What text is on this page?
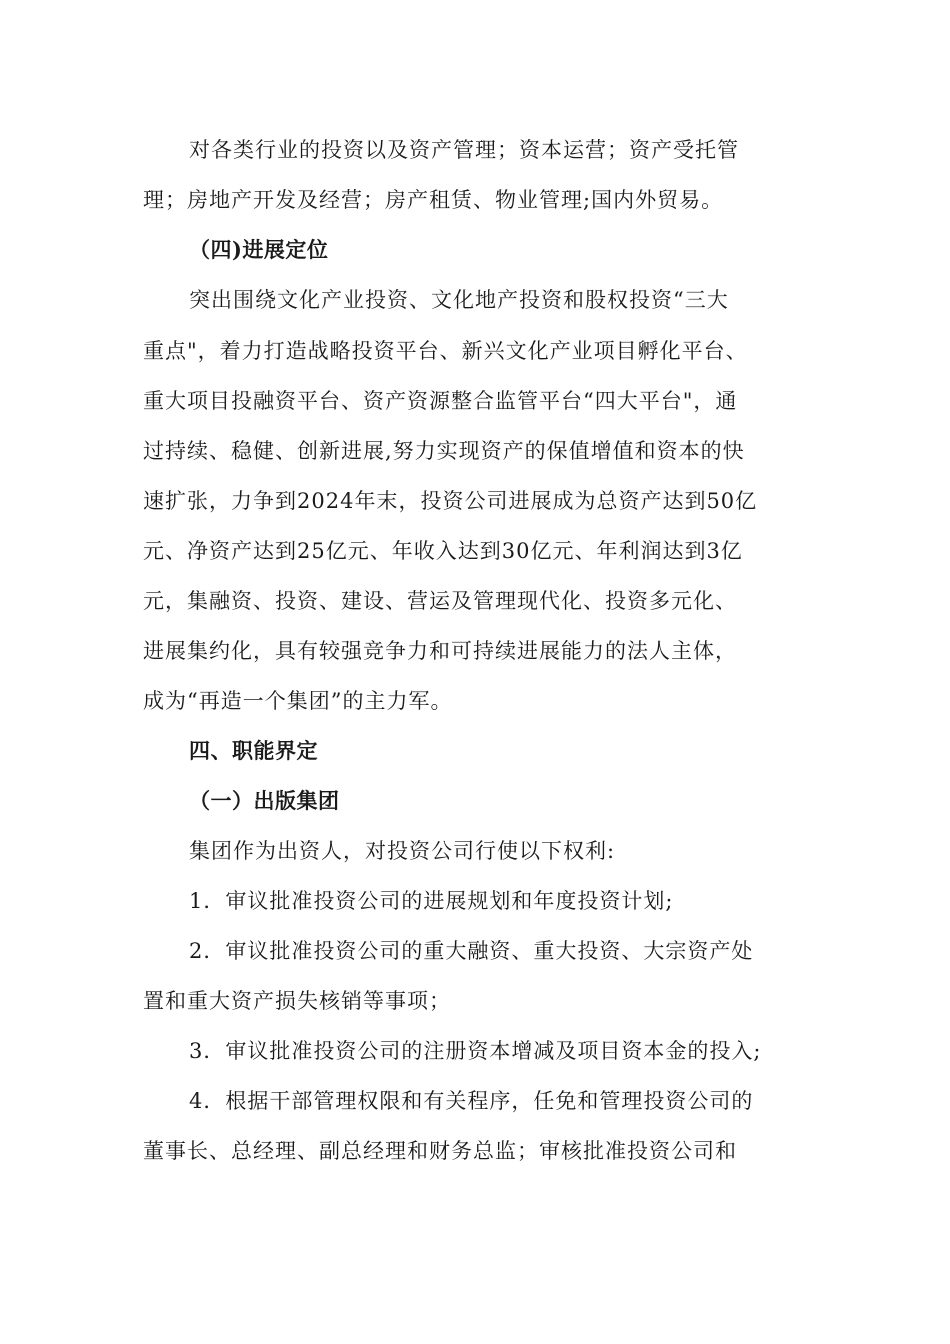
对各类行业的投资以及资产管理；资本运营；资产受托管
理；房地产开发及经营；房产租赁、物业管理;国内外贸易。
（四)进展定位
突出围绕文化产业投资、文化地产投资和股权投资“三大
重点"，着力打造战略投资平台、新兴文化产业项目孵化平台、
重大项目投融资平台、资产资源整合监管平台“四大平台"，通
过持续、稳健、创新进展,努力实现资产的保值增值和资本的快
速扩张，力争到2024年末，投资公司进展成为总资产达到50亿
元、净资产达到25亿元、年收入达到30亿元、年利润达到3亿
元，集融资、投资、建设、营运及管理现代化、投资多元化、
进展集约化，具有较强竞争力和可持续进展能力的法人主体，
成为“再造一个集团”的主力军。
四、职能界定
（一）出版集团
集团作为出资人，对投资公司行使以下权利:
1．审议批准投资公司的进展规划和年度投资计划;
2．审议批准投资公司的重大融资、重大投资、大宗资产处
置和重大资产损失核销等事项；
3．审议批准投资公司的注册资本增减及项目资本金的投入;
4．根据干部管理权限和有关程序，任免和管理投资公司的
董事长、总经理、副总经理和财务总监；审核批准投资公司和
